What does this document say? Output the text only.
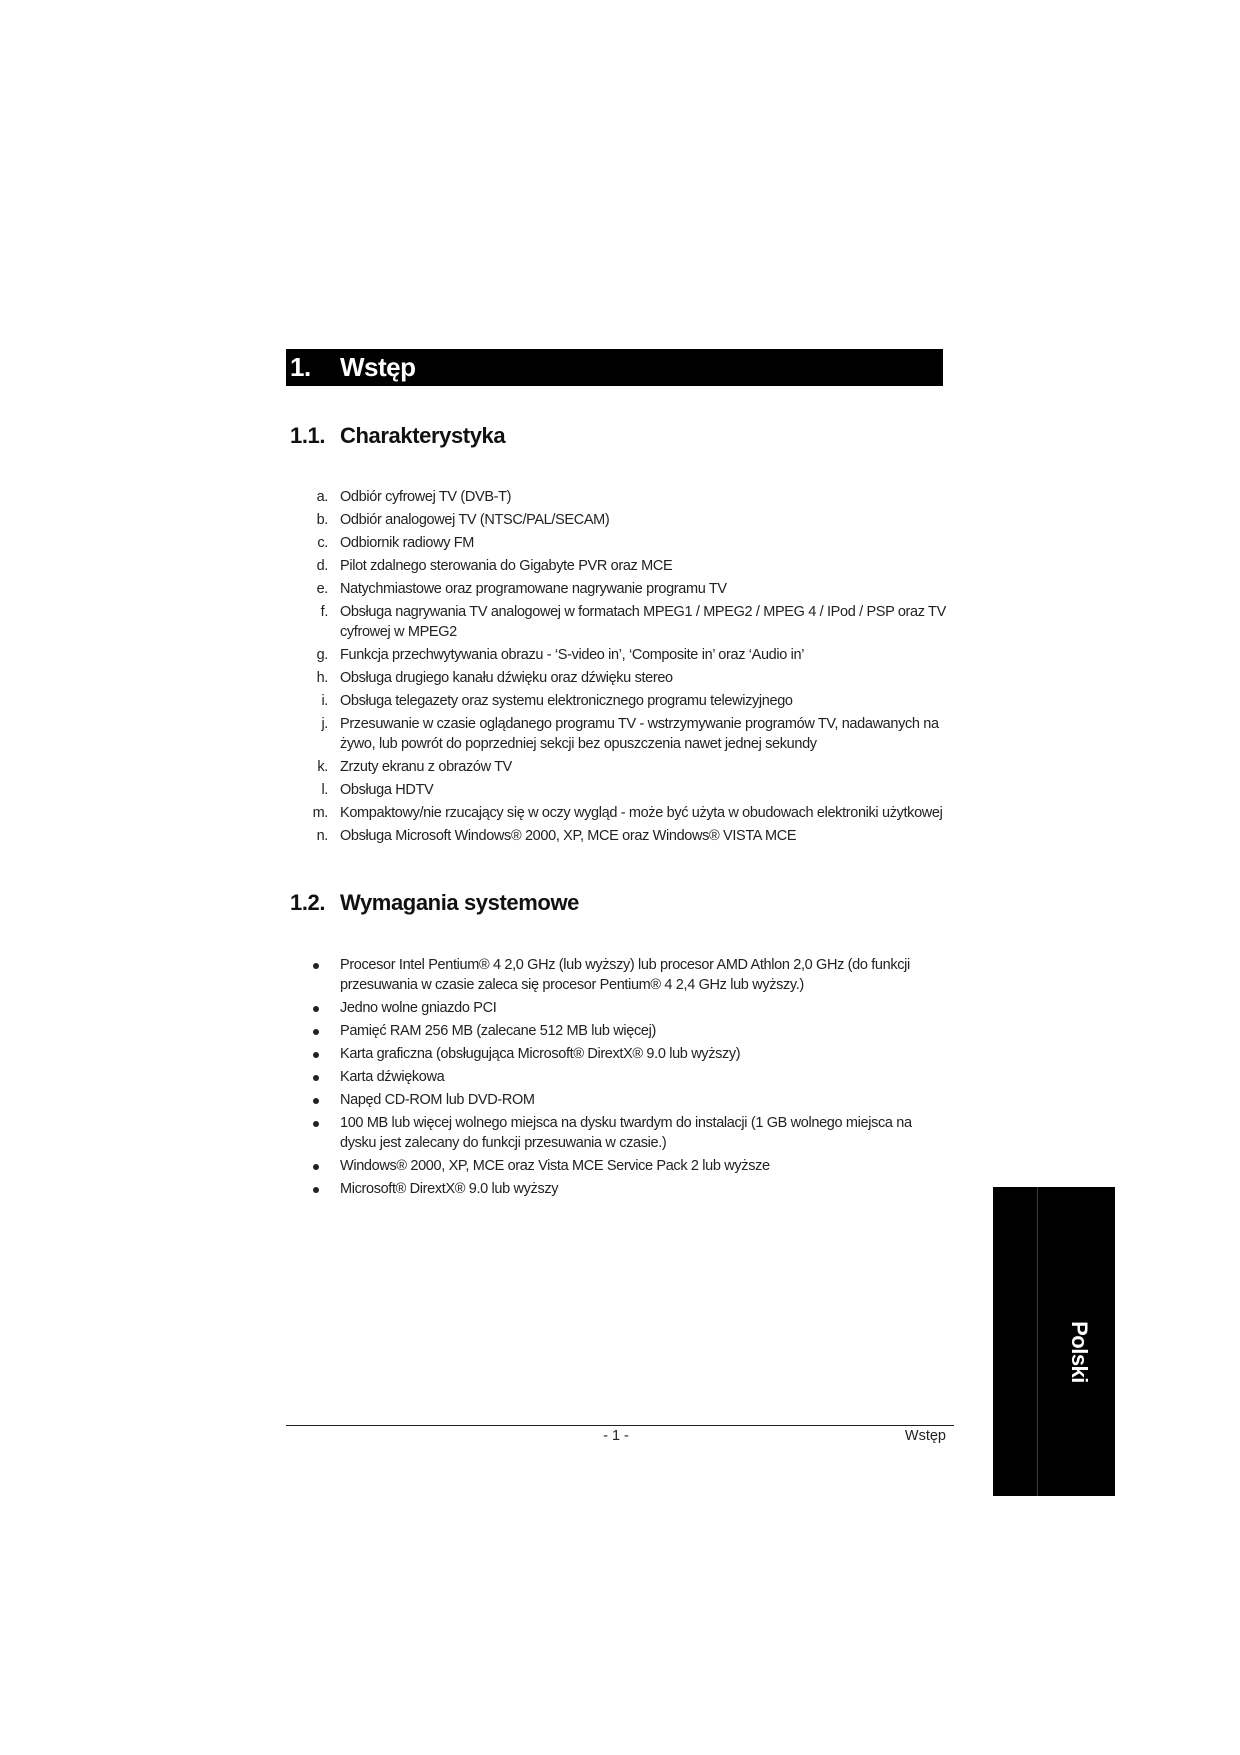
1. Wstęp
1.1. Charakterystyka
a. Odbiór cyfrowej TV (DVB-T)
b. Odbiór analogowej TV (NTSC/PAL/SECAM)
c. Odbiornik radiowy FM
d. Pilot zdalnego sterowania do Gigabyte PVR oraz MCE
e. Natychmiastowe oraz programowane nagrywanie programu TV
f. Obsługa nagrywania TV analogowej w formatach MPEG1 / MPEG2 / MPEG 4 / IPod / PSP oraz TV cyfrowej w MPEG2
g. Funkcja przechwytywania obrazu - ‘S-video in’, ‘Composite in’ oraz ‘Audio in’
h. Obsługa drugiego kanału dźwięku oraz dźwięku stereo
i. Obsługa telegazety oraz systemu elektronicznego programu telewizyjnego
j. Przesuwanie w czasie oglądanego programu TV - wstrzymywanie programów TV, nadawanych na żywo, lub powrót do poprzedniej sekcji bez opuszczenia nawet jednej sekundy
k. Zrzuty ekranu z obrazów TV
l. Obsługa HDTV
m. Kompaktowy/nie rzucający się w oczy wygląd - może być użyta w obudowach elektroniki użytkowej
n. Obsługa Microsoft Windows® 2000, XP, MCE oraz Windows® VISTA MCE
1.2. Wymagania systemowe
Procesor Intel Pentium® 4 2,0 GHz (lub wyższy) lub procesor AMD Athlon 2,0 GHz (do funkcji przesuwania w czasie zaleca się procesor Pentium® 4 2,4 GHz lub wyższy.)
Jedno wolne gniazdo PCI
Pamięć RAM 256 MB (zalecane 512 MB lub więcej)
Karta graficzna (obsługująca Microsoft® DirextX® 9.0 lub wyższy)
Karta dźwiękowa
Napęd CD-ROM lub DVD-ROM
100 MB lub więcej wolnego miejsca na dysku twardym do instalacji (1 GB wolnego miejsca na dysku jest zalecany do funkcji przesuwania w czasie.)
Windows® 2000, XP, MCE oraz Vista MCE Service Pack 2 lub wyższe
Microsoft® DirextX® 9.0 lub wyższy
- 1 -	Wstęp
Polski
